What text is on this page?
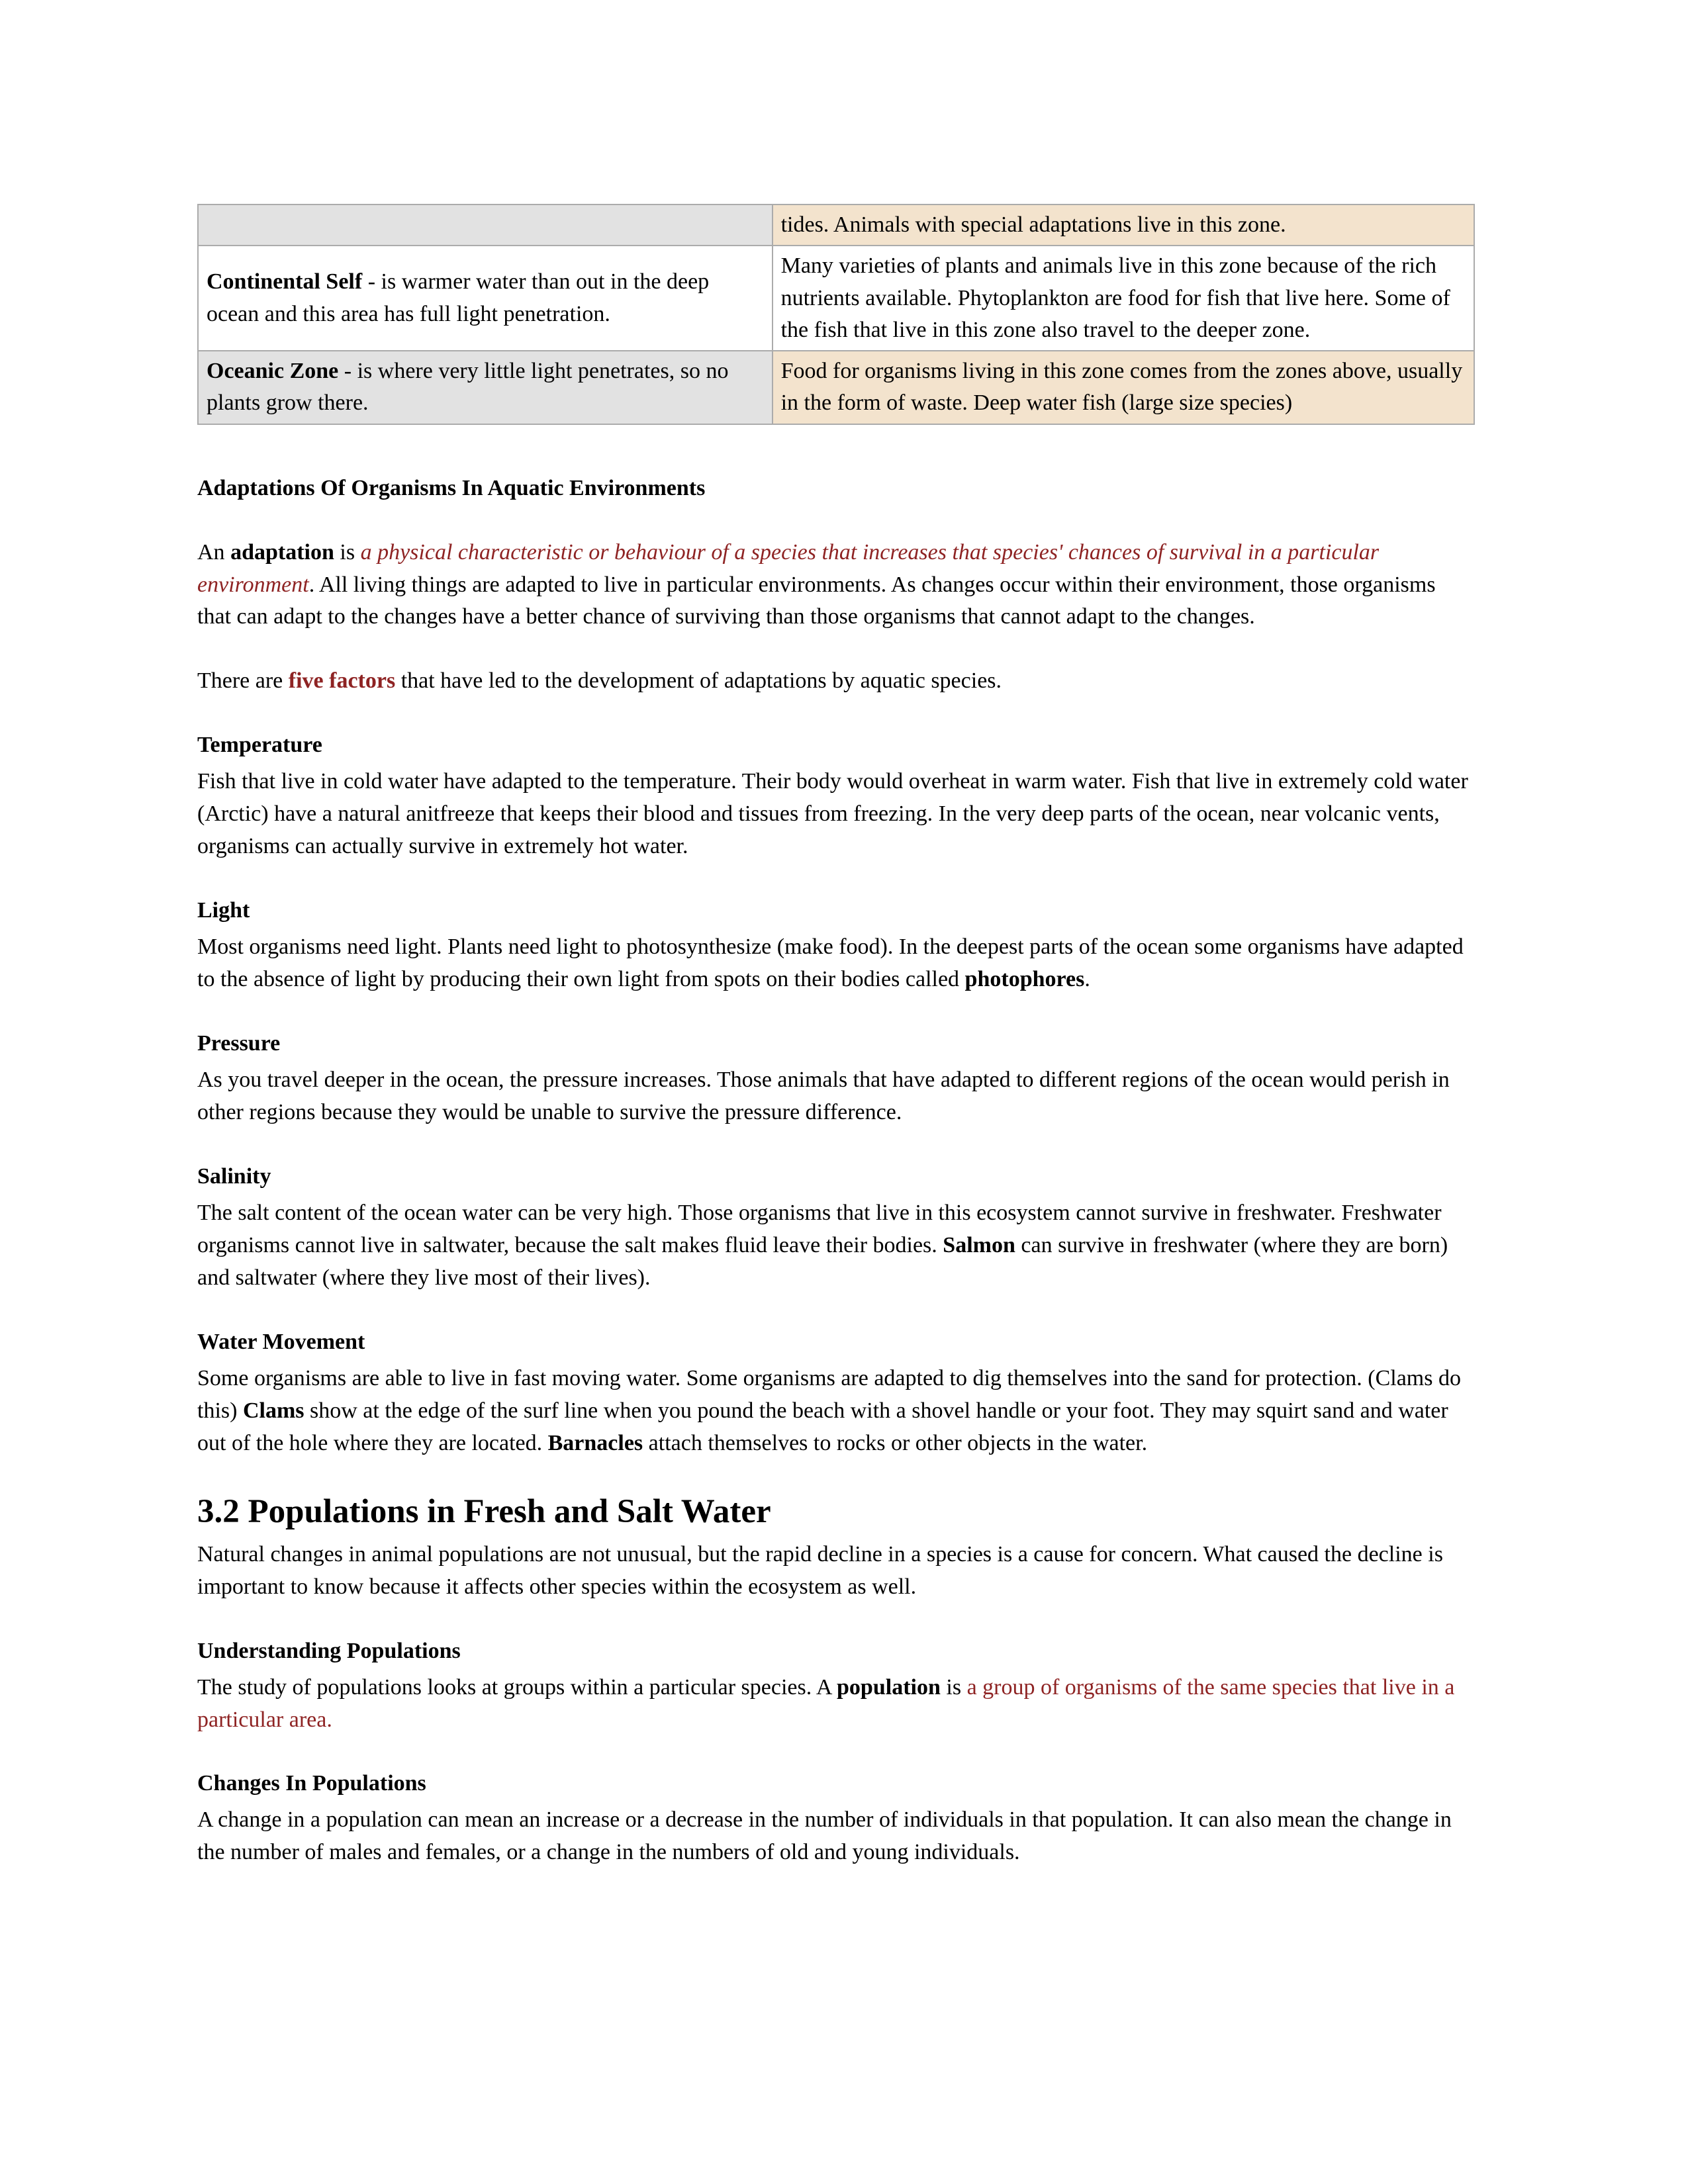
	tides. Animals with special adaptations live in this zone.
Continental Self - is warmer water than out in the deep ocean and this area has full light penetration.	Many varieties of plants and animals live in this zone because of the rich nutrients available. Phytoplankton are food for fish that live here. Some of the fish that live in this zone also travel to the deeper zone.
Oceanic Zone - is where very little light penetrates, so no plants grow there.	Food for organisms living in this zone comes from the zones above, usually in the form of waste. Deep water fish (large size species)
Adaptations Of Organisms In Aquatic Environments

An adaptation is a physical characteristic or behaviour of a species that increases that species' chances of survival in a particular environment. All living things are adapted to live in particular environments. As changes occur within their environment, those organisms that can adapt to the changes have a better chance of surviving than those organisms that cannot adapt to the changes.

There are five factors that have led to the development of adaptations by aquatic species.

Temperature

Fish that live in cold water have adapted to the temperature. Their body would overheat in warm water. Fish that live in extremely cold water (Arctic) have a natural anitfreeze that keeps their blood and tissues from freezing. In the very deep parts of the ocean, near volcanic vents, organisms can actually survive in extremely hot water.

Light

Most organisms need light. Plants need light to photosynthesize (make food). In the deepest parts of the ocean some organisms have adapted to the absence of light by producing their own light from spots on their bodies called photophores.

Pressure

As you travel deeper in the ocean, the pressure increases. Those animals that have adapted to different regions of the ocean would perish in other regions because they would be unable to survive the pressure difference.

Salinity

The salt content of the ocean water can be very high. Those organisms that live in this ecosystem cannot survive in freshwater. Freshwater organisms cannot live in saltwater, because the salt makes fluid leave their bodies. Salmon can survive in freshwater (where they are born) and saltwater (where they live most of their lives).

Water Movement

Some organisms are able to live in fast moving water. Some organisms are adapted to dig themselves into the sand for protection. (Clams do this) Clams show at the edge of the surf line when you pound the beach with a shovel handle or your foot. They may squirt sand and water out of the hole where they are located. Barnacles attach themselves to rocks or other objects in the water.

3.2 Populations in Fresh and Salt Water

Natural changes in animal populations are not unusual, but the rapid decline in a species is a cause for concern. What caused the decline is important to know because it affects other species within the ecosystem as well.

Understanding Populations

The study of populations looks at groups within a particular species. A population is a group of organisms of the same species that live in a particular area.

Changes In Populations

A change in a population can mean an increase or a decrease in the number of individuals in that population. It can also mean the change in the number of males and females, or a change in the numbers of old and young individuals.
